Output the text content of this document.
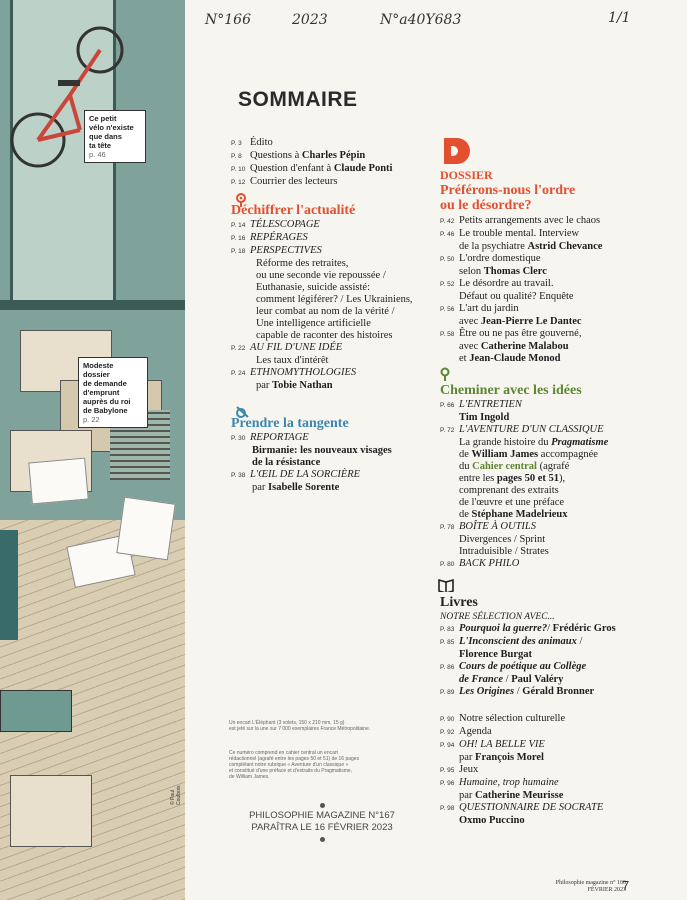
© Paul Coulbois
Ce petit
vélo n'existe
que dans
ta tête
p. 46
Modeste
dossier
de demande
d'emprunt
auprès du roi
de Babylone
p. 22
N°166	2023	N°a40Y683	1/1
SOMMAIRE
P. 3 Édito
P. 8 Questions à Charles Pépin
P. 10 Question d'enfant à Claude Ponti
P. 12 Courrier des lecteurs
Déchiffrer l'actualité
P. 14 TÉLESCOPAGE
P. 16 REPÉRAGES
P. 18 PERSPECTIVES
Réforme des retraites,
ou une seconde vie repoussée /
Euthanasie, suicide assisté:
comment légiférer? / Les Ukrainiens,
leur combat au nom de la vérité /
Une intelligence artificielle
capable de raconter des histoires
P. 22 AU FIL D'UNE IDÉE
Les taux d'intérêt
P. 24 ETHNOMYTHOLOGIES
par Tobie Nathan
Prendre la tangente
P. 30 REPORTAGE
Birmanie: les nouveaux visages
de la résistance
P. 38 L'ŒIL DE LA SORCIÈRE
par Isabelle Sorente
Un encart L'Éléphant (3 volets, 150 x 210 mm, 15 g)
est jeté sur la une sur 7 000 exemplaires France Métropolitaine.
Ce numéro comprend en cahier central un encart
rédactionnel (agrafé entre les pages 50 et 51) de 16 pages
complétant notre rubrique « Aventure d'un classique »
et constitué d'une préface et d'extraits du Pragmatisme,
de William James.
PHILOSOPHIE MAGAZINE N°167
PARAÎTRA LE 16 FÉVRIER 2023
DOSSIER
Préférons-nous l'ordre
ou le désordre?
P. 42 Petits arrangements avec le chaos
P. 46 Le trouble mental. Interview
de la psychiatre Astrid Chevance
P. 50 L'ordre domestique
selon Thomas Clerc
P. 52 Le désordre au travail.
Défaut ou qualité? Enquête
P. 56 L'art du jardin
avec Jean-Pierre Le Dantec
P. 58 Être ou ne pas être gouverné,
avec Catherine Malabou
et Jean-Claude Monod
Cheminer avec les idées
P. 66 L'ENTRETIEN
Tim Ingold
P. 72 L'AVENTURE D'UN CLASSIQUE
La grande histoire du Pragmatisme
de William James accompagnée
du Cahier central (agrafé
entre les pages 50 et 51),
comprenant des extraits
de l'œuvre et une préface
de Stéphane Madelrieux
P. 78 BOÎTE À OUTILS
Divergences / Sprint
Intraduisible / Strates
P. 80 BACK PHILO
Livres
NOTRE SÉLECTION AVEC...
P. 83 Pourquoi la guerre?/ Frédéric Gros
P. 85 L'Inconscient des animaux /
Florence Burgat
P. 86 Cours de poétique au Collège
de France / Paul Valéry
P. 89 Les Origines / Gérald Bronner
P. 90 Notre sélection culturelle
P. 92 Agenda
P. 94 OH! LA BELLE VIE
par François Morel
P. 95 Jeux
P. 96 Humaine, trop humaine
par Catherine Meurisse
P. 98 QUESTIONNAIRE DE SOCRATE
Oxmo Puccino
Philosophie magazine n° 166
FÉVRIER 2023
7
